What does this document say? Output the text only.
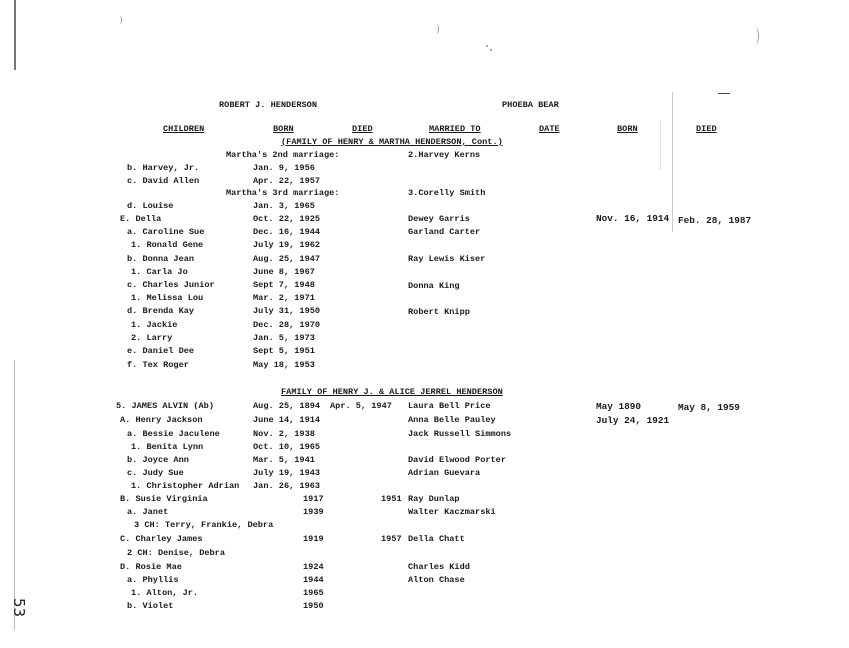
ROBERT J. HENDERSON	PHOEBA BEAR
CHILDREN	BORN	DIED	MARRIED TO	DATE	BORN	DIED
(FAMILY OF HENRY & MARTHA HENDERSON, Cont.)
Martha's 2nd marriage:	2.Harvey Kerns
b. Harvey, Jr.	Jan. 9, 1956
c. David Allen	Apr. 22, 1957
Martha's 3rd marriage:	3.Corelly Smith
d. Louise	Jan. 3, 1965
E. Della	Oct. 22, 1925	Dewey Garris	Nov. 16, 1914 Feb. 28, 1987
a. Caroline Sue	Dec. 16, 1944	Garland Carter
1. Ronald Gene	July 19, 1962
b. Donna Jean	Aug. 25, 1947	Ray Lewis Kiser
1. Carla Jo	June 8, 1967
c. Charles Junior	Sept 7, 1948	Donna King
1. Melissa Lou	Mar. 2, 1971
d. Brenda Kay	July 31, 1950	Robert Knipp
1. Jackie	Dec. 28, 1970
2. Larry	Jan. 5, 1973
e. Daniel Dee	Sept 5, 1951
f. Tex Roger	May 18, 1953
FAMILY OF HENRY J. & ALICE JERREL HENDERSON
5. JAMES ALVIN (Ab)	Aug. 25, 1894 Apr. 5, 1947 Laura Bell Price	May 1890	May 8, 1959
A. Henry Jackson	June 14, 1914	Anna Belle Pauley	July 24, 1921
a. Bessie Jaculene	Nov. 2, 1938	Jack Russell Simmons
1. Benita Lynn	Oct. 10, 1965
b. Joyce Ann	Mar. 5, 1941	David Elwood Porter
c. Judy Sue	July 19, 1943	Adrian Guevara
1. Christopher Adrian Jan. 26, 1963
B. Susie Virginia	1917	1951 Ray Dunlap
a. Janet	1939	Walter Kaczmarski
3 CH: Terry, Frankie, Debra
C. Charley James	1919	1957 Della Chatt
2 CH: Denise, Debra
D. Rosie Mae	1924	Charles Kidd
a. Phyllis	1944	Alton Chase
1. Alton, Jr.	1965
b. Violet	1950
53
